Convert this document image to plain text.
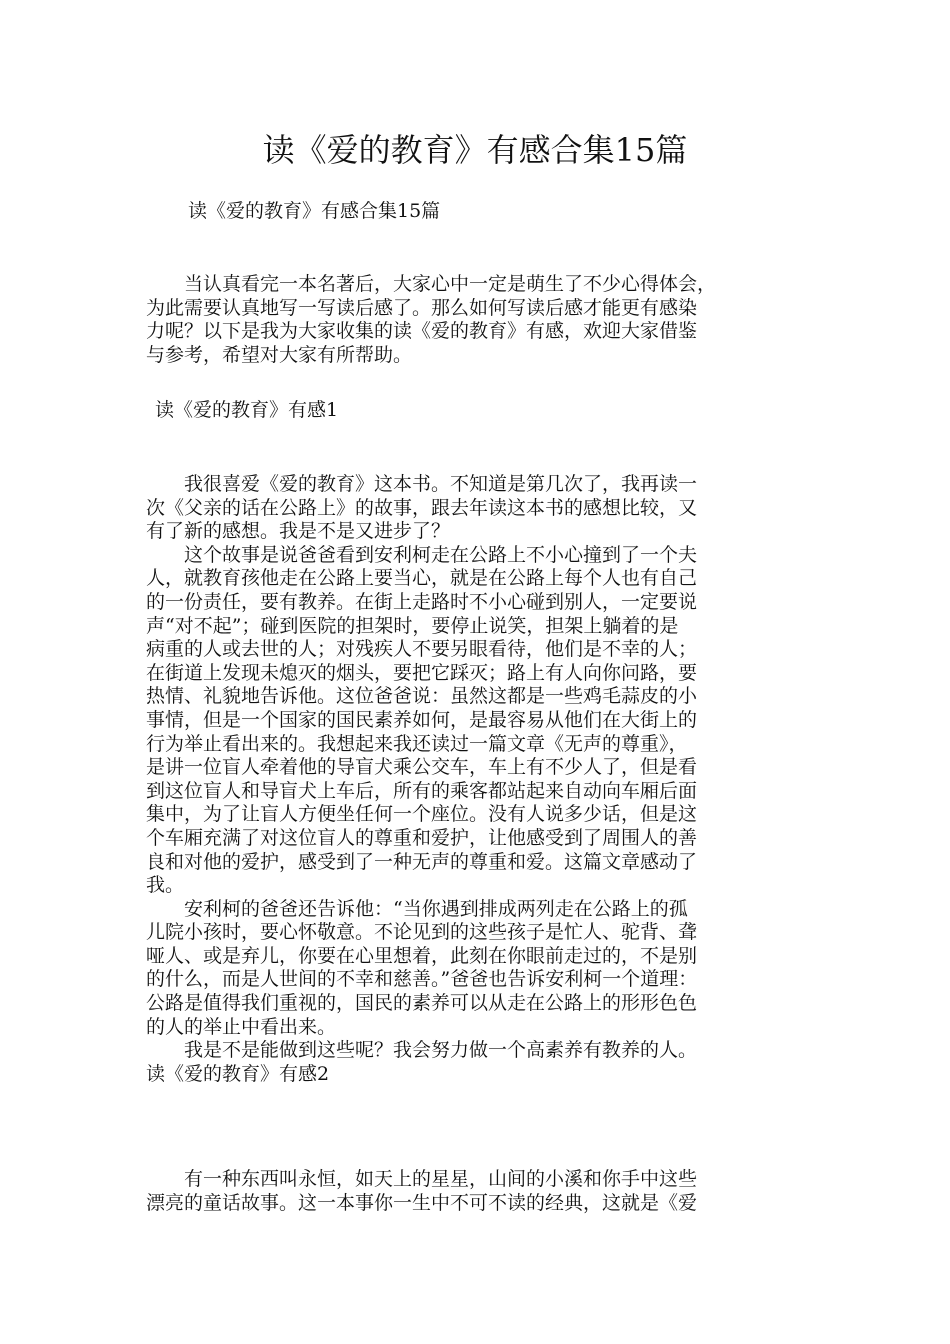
读《爱的教育》有感合集15篇
读《爱的教育》有感合集15篇
　　当认真看完一本名著后，大家心中一定是萌生了不少心得体会，
为此需要认真地写一写读后感了。那么如何写读后感才能更有感染
力呢？以下是我为大家收集的读《爱的教育》有感，欢迎大家借鉴
与参考，希望对大家有所帮助。
读《爱的教育》有感1
　　我很喜爱《爱的教育》这本书。不知道是第几次了，我再读一
次《父亲的话在公路上》的故事，跟去年读这本书的感想比较，又
有了新的感想。我是不是又进步了？
　　这个故事是说爸爸看到安利柯走在公路上不小心撞到了一个夫
人，就教育孩他走在公路上要当心，就是在公路上每个人也有自己
的一份责任，要有教养。在街上走路时不小心碰到别人，一定要说
声“对不起”；碰到医院的担架时，要停止说笑，担架上躺着的是
病重的人或去世的人；对残疾人不要另眼看待，他们是不幸的人；
在街道上发现未熄灭的烟头，要把它踩灭；路上有人向你问路，要
热情、礼貌地告诉他。这位爸爸说：虽然这都是一些鸡毛蒜皮的小
事情，但是一个国家的国民素养如何，是最容易从他们在大街上的
行为举止看出来的。我想起来我还读过一篇文章《无声的尊重》，
是讲一位盲人牵着他的导盲犬乘公交车，车上有不少人了，但是看
到这位盲人和导盲犬上车后，所有的乘客都站起来自动向车厢后面
集中，为了让盲人方便坐任何一个座位。没有人说多少话，但是这
个车厢充满了对这位盲人的尊重和爱护，让他感受到了周围人的善
良和对他的爱护，感受到了一种无声的尊重和爱。这篇文章感动了
我。
　　安利柯的爸爸还告诉他：“当你遇到排成两列走在公路上的孤
儿院小孩时，要心怀敬意。不论见到的这些孩子是忙人、驼背、聋
哑人、或是弃儿，你要在心里想着，此刻在你眼前走过的，不是别
的什么，而是人世间的不幸和慈善。”爸爸也告诉安利柯一个道理：
公路是值得我们重视的，国民的素养可以从走在公路上的形形色色
的人的举止中看出来。
　　我是不是能做到这些呢？我会努力做一个高素养有教养的人。
读《爱的教育》有感2
　　有一种东西叫永恒，如天上的星星，山间的小溪和你手中这些
漂亮的童话故事。这一本事你一生中不可不读的经典，这就是《爱
